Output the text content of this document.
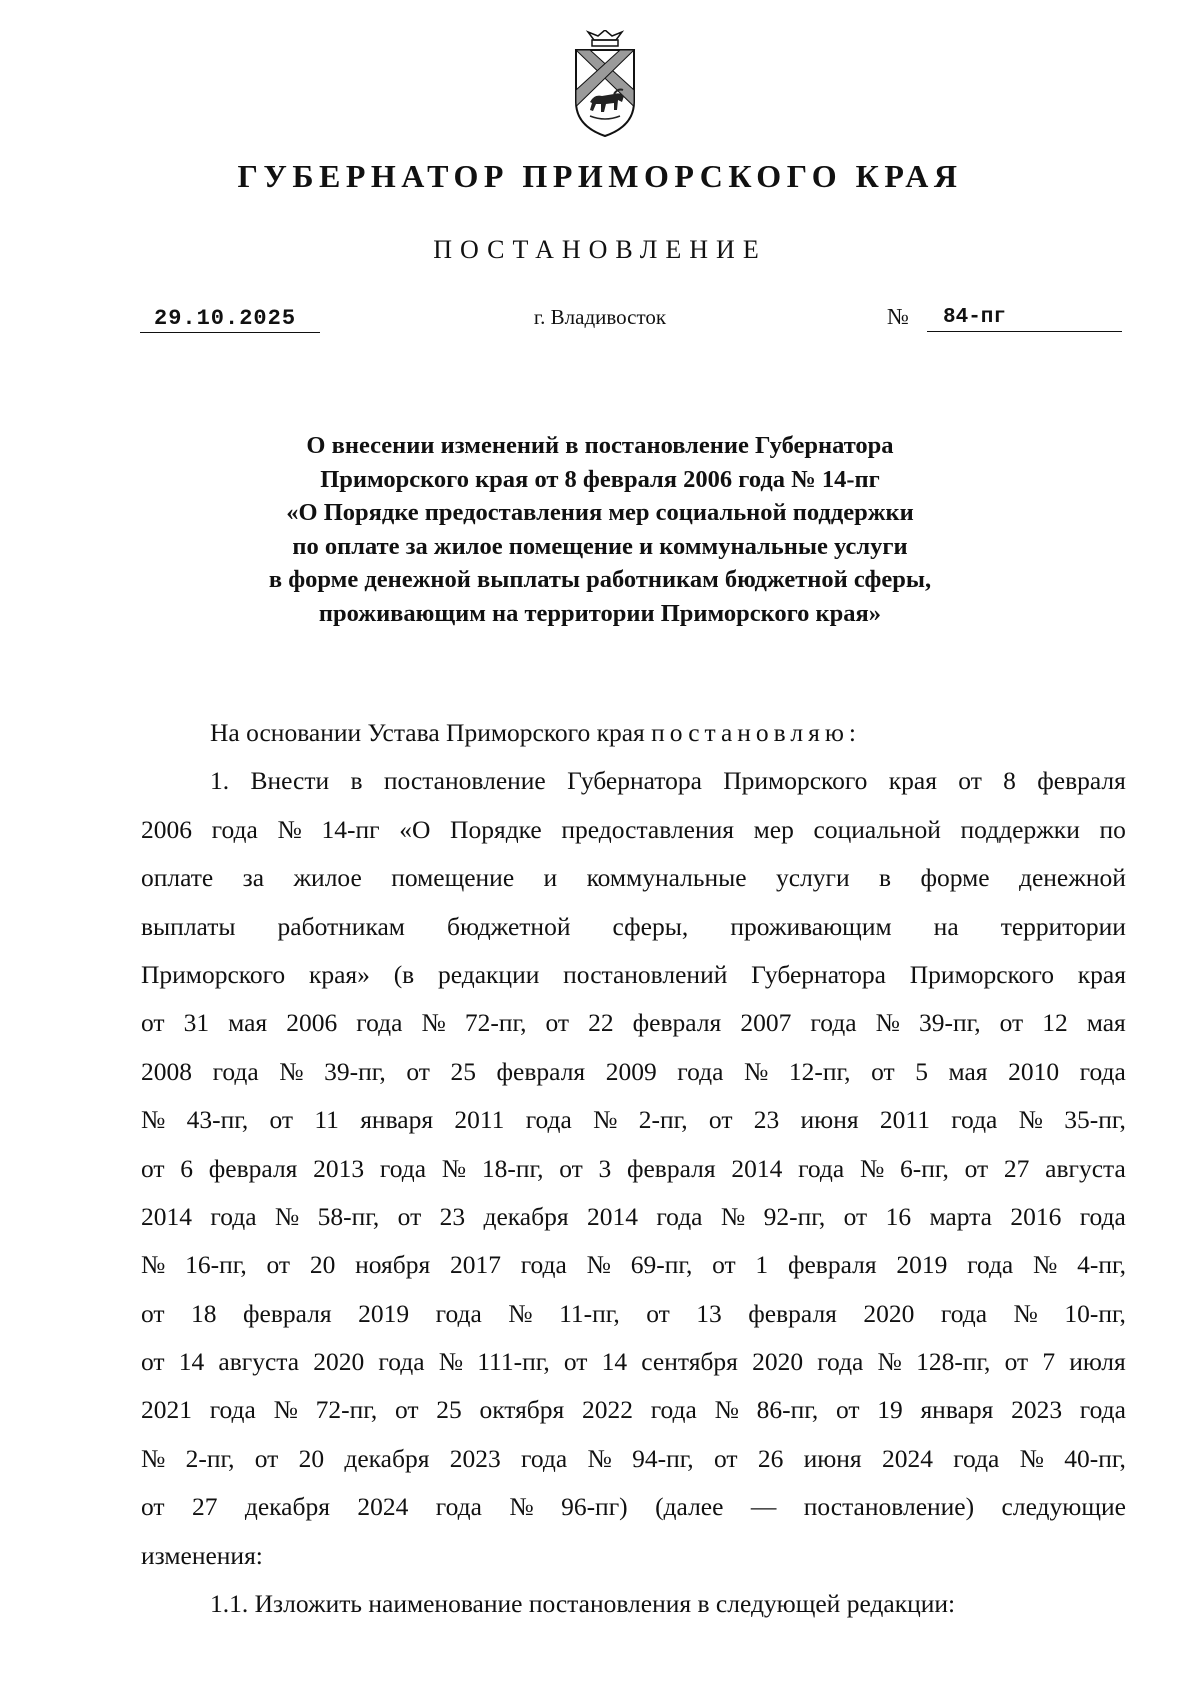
ГУБЕРНАТОР ПРИМОРСКОГО КРАЯ
ПОСТАНОВЛЕНИЕ
29.10.2025	г. Владивосток	№	84-пг
О внесении изменений в постановление Губернатора
Приморского края от 8 февраля 2006 года № 14-пг
«О Порядке предоставления мер социальной поддержки
по оплате за жилое помещение и коммунальные услуги
в форме денежной выплаты работникам бюджетной сферы,
проживающим на территории Приморского края»
На основании Устава Приморского края
постановляю :
1. Внести в постановление Губернатора Приморского края от 8 февраля
2006 года № 14-пг «О Порядке предоставления мер социальной поддержки по
оплате за жилое помещение и коммунальные услуги в форме денежной
выплаты работникам бюджетной сферы, проживающим на территории
Приморского края» (в редакции постановлений Губернатора Приморского края
от 31 мая 2006 года № 72-пг, от 22 февраля 2007 года № 39-пг, от 12 мая
2008 года № 39-пг, от 25 февраля 2009 года № 12-пг, от 5 мая 2010 года
№ 43-пг, от 11 января 2011 года № 2-пг, от 23 июня 2011 года № 35-пг,
от 6 февраля 2013 года № 18-пг, от 3 февраля 2014 года № 6-пг, от 27 августа
2014 года № 58-пг, от 23 декабря 2014 года № 92-пг, от 16 марта 2016 года
№ 16-пг, от 20 ноября 2017 года № 69-пг, от 1 февраля 2019 года № 4-пг,
от 18 февраля 2019 года № 11-пг, от 13 февраля 2020 года № 10-пг,
от 14 августа 2020 года № 111-пг, от 14 сентября 2020 года № 128-пг, от 7 июля
2021 года № 72-пг, от 25 октября 2022 года № 86-пг, от 19 января 2023 года
№ 2-пг, от 20 декабря 2023 года № 94-пг, от 26 июня 2024 года № 40-пг,
от 27 декабря 2024 года № 96-пг) (далее — постановление) следующие
изменения:
1.1. Изложить наименование постановления в следующей редакции:
